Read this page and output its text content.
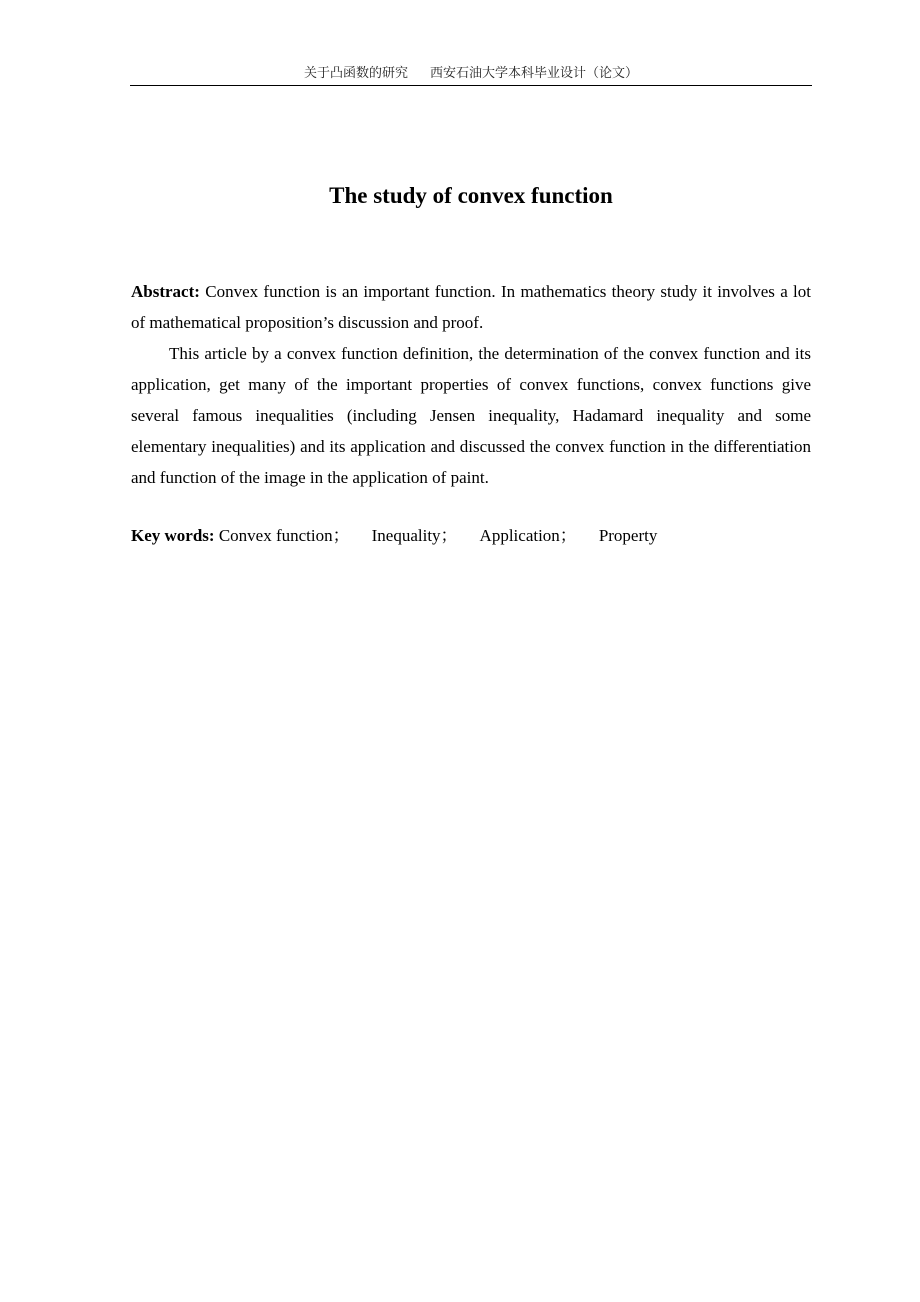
关于凸函数的研究 西安石油大学本科毕业设计（论文）
The study of convex function

Abstract: Convex function is an important function. In mathematics theory study it involves a lot of mathematical proposition’s discussion and proof.

This article by a convex function definition, the determination of the convex function and its application, get many of the important properties of convex functions, convex functions give several famous inequalities (including Jensen inequality, Hadamard inequality and some elementary inequalities) and its application and discussed the convex function in the differentiation and function of the image in the application of paint.

Key words: Convex function； Inequality； Application； Property
